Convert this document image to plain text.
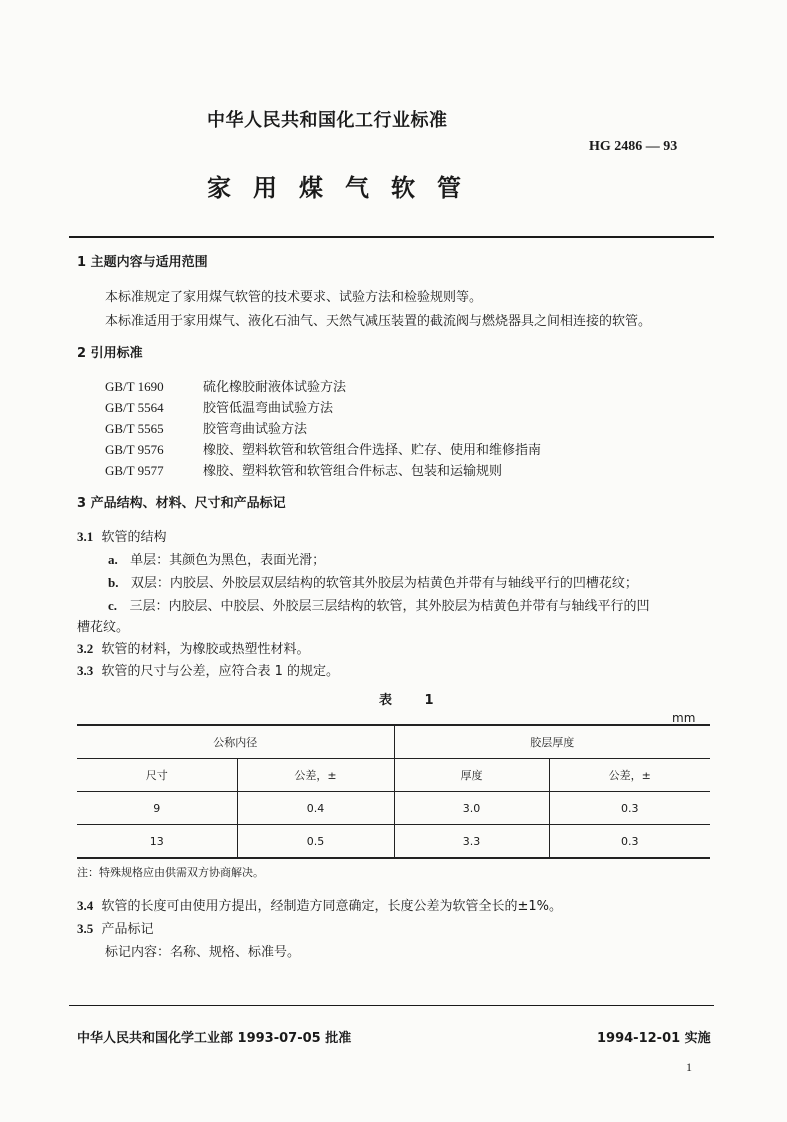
中华人民共和国化工行业标准
HG 2486 — 93
家用煤气软管
1 主题内容与适用范围
本标准规定了家用煤气软管的技术要求、试验方法和检验规则等。
本标准适用于家用煤气、液化石油气、天然气减压装置的截流阀与燃烧器具之间相连接的软管。
2 引用标准
GB/T 1690	硫化橡胶耐液体试验方法
GB/T 5564	胶管低温弯曲试验方法
GB/T 5565	胶管弯曲试验方法
GB/T 9576	橡胶、塑料软管和软管组合件选择、贮存、使用和维修指南
GB/T 9577	橡胶、塑料软管和软管组合件标志、包装和运输规则
3 产品结构、材料、尺寸和产品标记
3.1 软管的结构
a. 单层：其颜色为黑色，表面光滑；
b. 双层：内胶层、外胶层双层结构的软管其外胶层为桔黄色并带有与轴线平行的凹槽花纹；
c. 三层：内胶层、中胶层、外胶层三层结构的软管，其外胶层为桔黄色并带有与轴线平行的凹
槽花纹。
3.2 软管的材料，为橡胶或热塑性材料。
3.3 软管的尺寸与公差，应符合表 1 的规定。
表 1
mm
公称内径		胶层厚度	
尺寸	公差，±	厚度	公差，±
9	0.4	3.0	0.3
13	0.5	3.3	0.3
注：特殊规格应由供需双方协商解决。
3.4 软管的长度可由使用方提出，经制造方同意确定，长度公差为软管全长的±1%。
3.5 产品标记
标记内容：名称、规格、标准号。
中华人民共和国化学工业部 1993-07-05 批准	1994-12-01 实施
1
